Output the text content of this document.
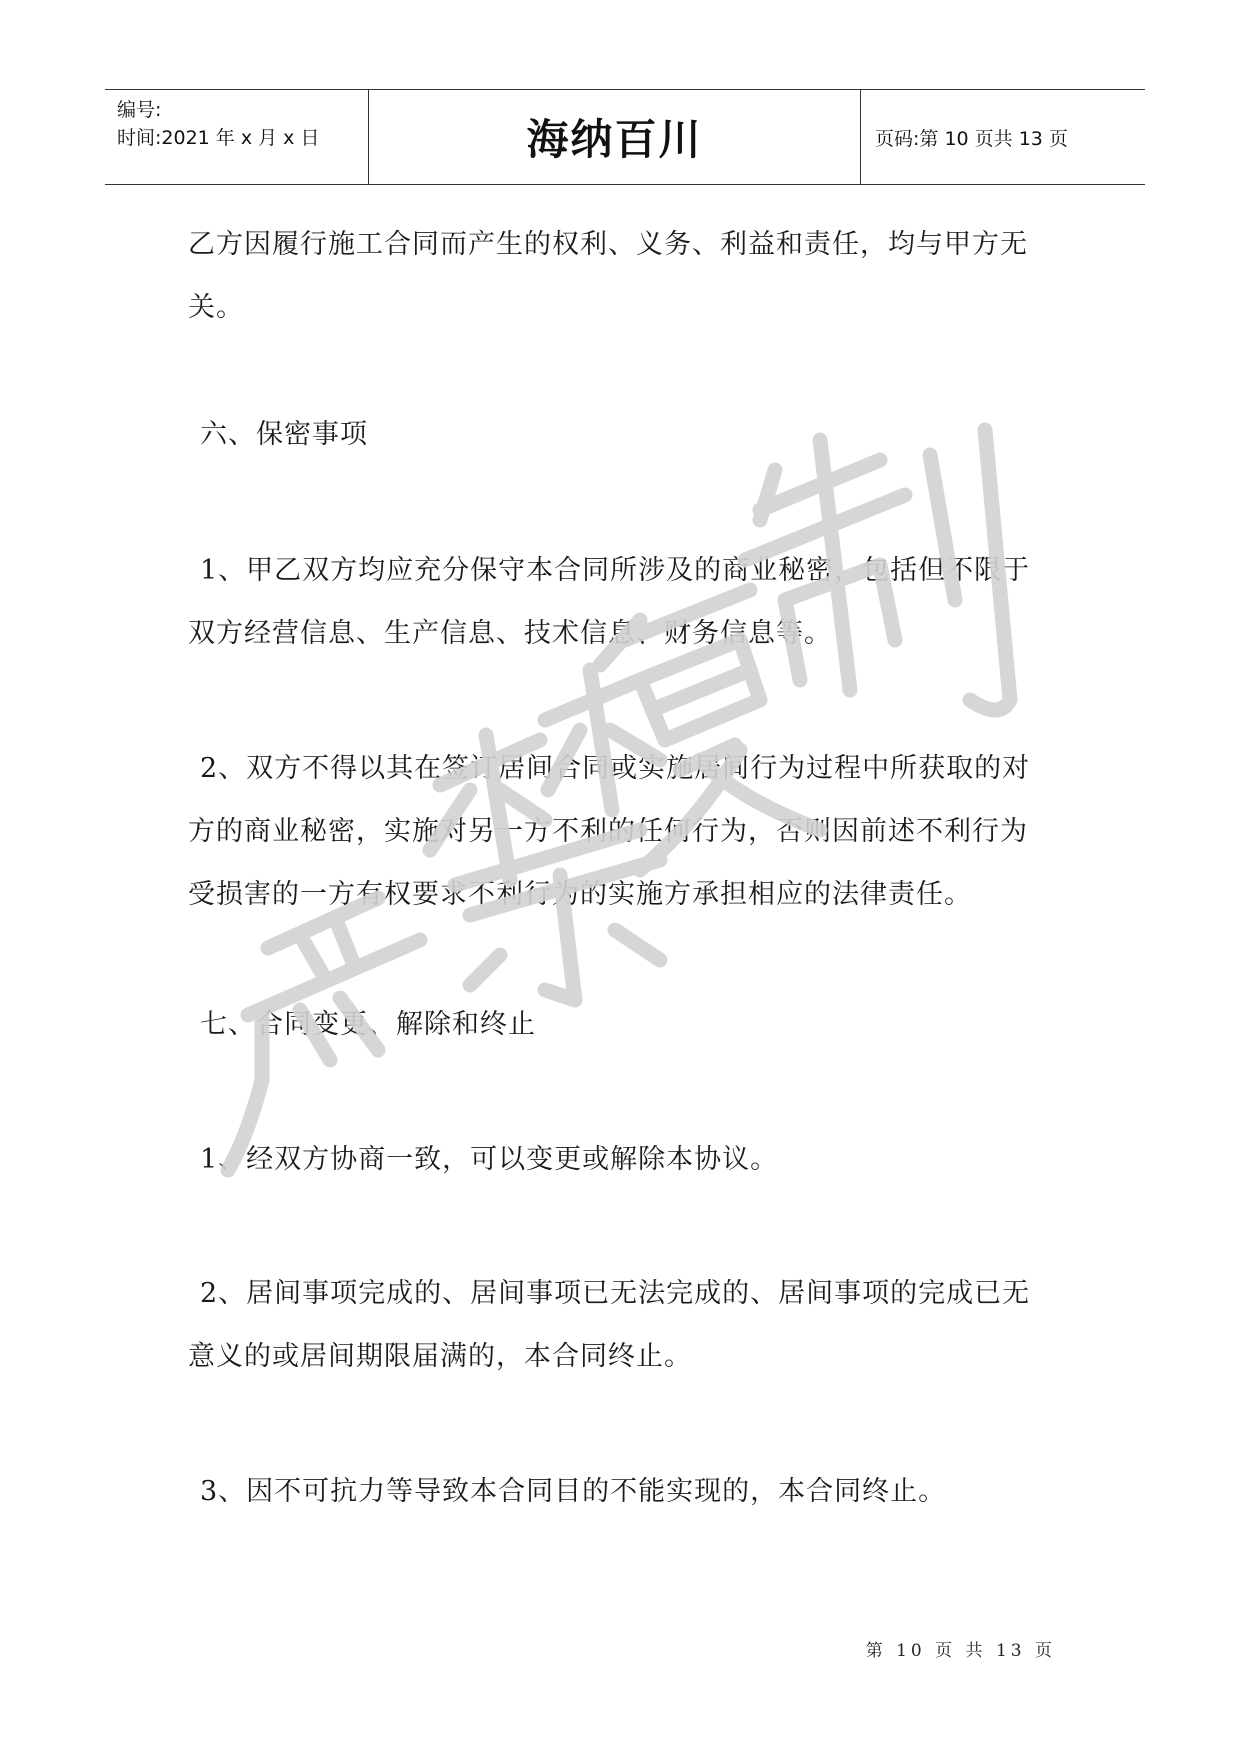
编号:
时间:2021 年 x 月 x 日	海纳百川	页码:第 10 页共 13 页

乙方因履行施工合同而产生的权利、义务、利益和责任，均与甲方无

关。

六、保密事项

1、甲乙双方均应充分保守本合同所涉及的商业秘密，包括但不限于

双方经营信息、生产信息、技术信息、财务信息等。

2、双方不得以其在签订居间合同或实施居间行为过程中所获取的对

方的商业秘密，实施对另一方不利的任何行为，否则因前述不利行为

受损害的一方有权要求不利行为的实施方承担相应的法律责任。

七、合同变更、解除和终止

1、经双方协商一致，可以变更或解除本协议。

2、居间事项完成的、居间事项已无法完成的、居间事项的完成已无

意义的或居间期限届满的，本合同终止。

3、因不可抗力等导致本合同目的不能实现的，本合同终止。

第 10 页 共 13 页
